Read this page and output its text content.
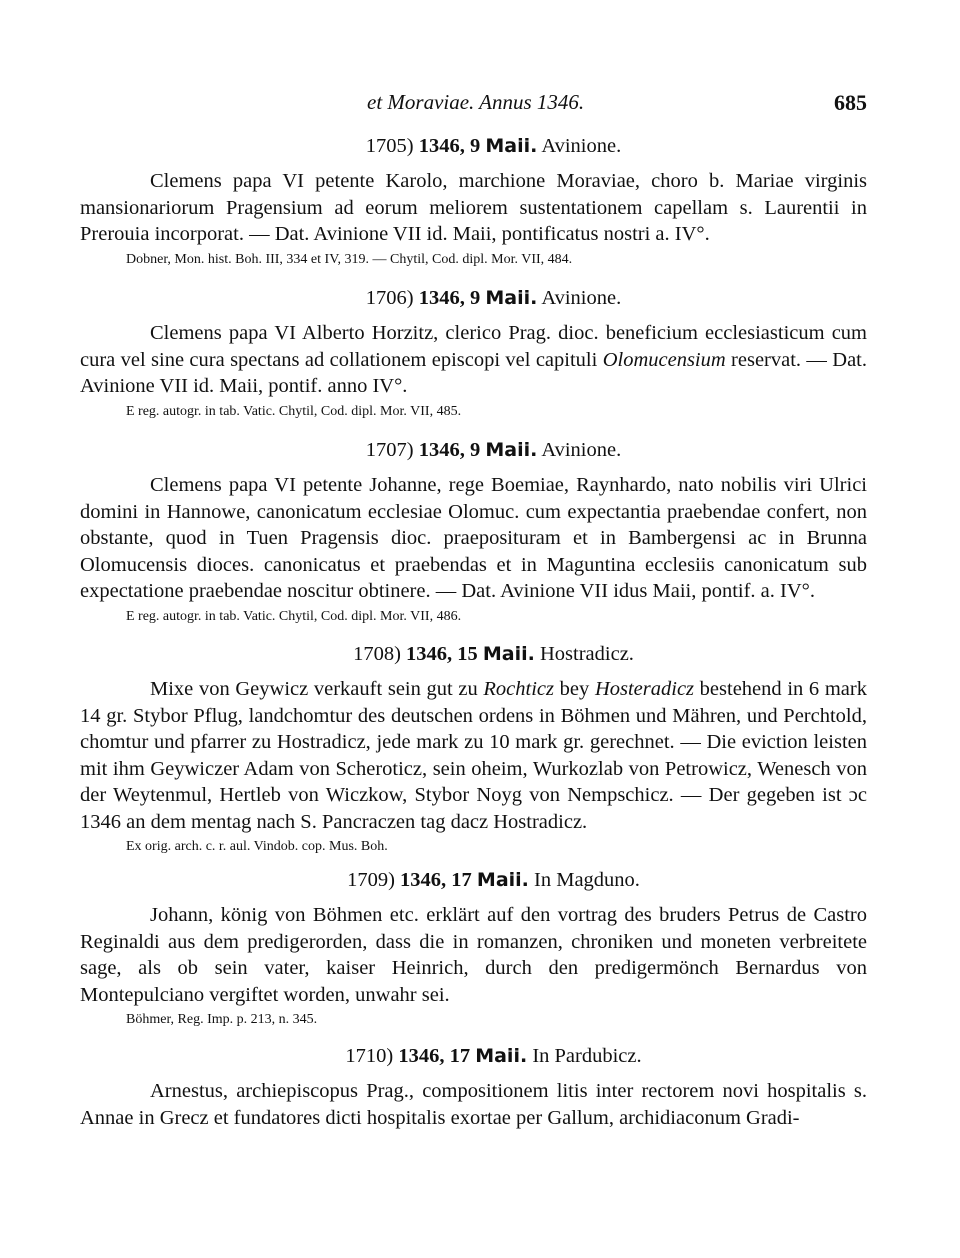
et Moraviae. Annus 1346.	685
1705) 1346, 9 Maii. Avinione.

Clemens papa VI petente Karolo, marchione Moraviae, choro b. Mariae virginis mansionariorum Pragensium ad eorum meliorem sustentationem capellam s. Laurentii in Prerouia incorporat. — Dat. Avinione VII id. Maii, pontificatus nostri a. IV°.

Dobner, Mon. hist. Boh. III, 334 et IV, 319. — Chytil, Cod. dipl. Mor. VII, 484.
1706) 1346, 9 Maii. Avinione.

Clemens papa VI Alberto Horzitz, clerico Prag. dioc. beneficium ecclesiasticum cum cura vel sine cura spectans ad collationem episcopi vel capituli Olomucensium reservat. — Dat. Avinione VII id. Maii, pontif. anno IV°.

E reg. autogr. in tab. Vatic. Chytil, Cod. dipl. Mor. VII, 485.
1707) 1346, 9 Maii. Avinione.

Clemens papa VI petente Johanne, rege Boemiae, Raynhardo, nato nobilis viri Ulrici domini in Hannowe, canonicatum ecclesiae Olomuc. cum expectantia praebendae confert, non obstante, quod in Tuen Pragensis dioc. praeposituram et in Bambergensi ac in Brunna Olomucensis dioces. canonicatus et praebendas et in Maguntina ecclesiis canonicatum sub expectatione praebendae noscitur obtinere. — Dat. Avinione VII idus Maii, pontif. a. IV°.

E reg. autogr. in tab. Vatic. Chytil, Cod. dipl. Mor. VII, 486.
1708) 1346, 15 Maii. Hostradicz.

Mixe von Geywicz verkauft sein gut zu Rochticz bey Hosteradicz bestehend in 6 mark 14 gr. Stybor Pflug, landchomtur des deutschen ordens in Böhmen und Mähren, und Perchtold, chomtur und pfarrer zu Hostradicz, jede mark zu 10 mark gr. gerechnet. — Die eviction leisten mit ihm Geywiczer Adam von Scheroticz, sein oheim, Wurkozlab von Petrowicz, Wenesch von der Weytenmul, Hertleb von Wiczkow, Stybor Noyg von Nempschicz. — Der gegeben ist ɔc 1346 an dem mentag nach S. Pancraczen tag dacz Hostradicz.

Ex orig. arch. c. r. aul. Vindob. cop. Mus. Boh.
1709) 1346, 17 Maii. In Magduno.

Johann, könig von Böhmen etc. erklärt auf den vortrag des bruders Petrus de Castro Reginaldi aus dem predigerorden, dass die in romanzen, chroniken und moneten verbreitete sage, als ob sein vater, kaiser Heinrich, durch den predigermönch Bernardus von Montepulciano vergiftet worden, unwahr sei.

Böhmer, Reg. Imp. p. 213, n. 345.
1710) 1346, 17 Maii. In Pardubicz.

Arnestus, archiepiscopus Prag., compositionem litis inter rectorem novi hospitalis s. Annae in Grecz et fundatores dicti hospitalis exortae per Gallum, archidiaconum Gradi-
